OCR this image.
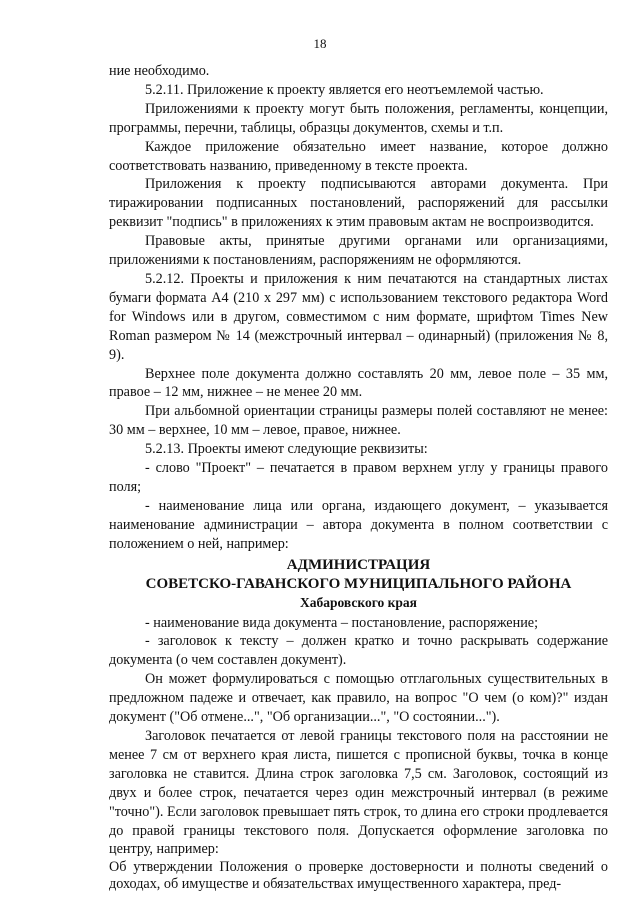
18

ние необходимо.

5.2.11. Приложение к проекту является его неотъемлемой частью.

Приложениями к проекту могут быть положения, регламенты, концепции, программы, перечни, таблицы, образцы документов, схемы и т.п.

Каждое приложение обязательно имеет название, которое должно соответствовать названию, приведенному в тексте проекта.

Приложения к проекту подписываются авторами документа. При тиражировании подписанных постановлений, распоряжений для рассылки реквизит "подпись" в приложениях к этим правовым актам не воспроизводится.

Правовые акты, принятые другими органами или организациями, приложениями к постановлениям, распоряжениям не оформляются.

5.2.12. Проекты и приложения к ним печатаются на стандартных листах бумаги формата А4 (210 х 297 мм) с использованием текстового редактора Word for Windows или в другом, совместимом с ним формате, шрифтом Times New Roman размером № 14 (межстрочный интервал – одинарный) (приложения № 8, 9).

Верхнее поле документа должно составлять 20 мм, левое поле – 35 мм, правое – 12 мм, нижнее – не менее 20 мм.

При альбомной ориентации страницы размеры полей составляют не менее: 30 мм – верхнее, 10 мм – левое, правое, нижнее.

5.2.13. Проекты имеют следующие реквизиты:

- слово "Проект" – печатается в правом верхнем углу у границы правого поля;

- наименование лица или органа, издающего документ, – указывается наименование администрации – автора документа в полном соответствии с положением о ней, например:

АДМИНИСТРАЦИЯ
СОВЕТСКО-ГАВАНСКОГО МУНИЦИПАЛЬНОГО РАЙОНА
Хабаровского края

- наименование вида документа – постановление, распоряжение;

- заголовок к тексту – должен кратко и точно раскрывать содержание документа (о чем составлен документ).

Он может формулироваться с помощью отглагольных существительных в предложном падеже и отвечает, как правило, на вопрос "О чем (о ком)?" издан документ ("Об отмене...", "Об организации...", "О состоянии...").

Заголовок печатается от левой границы текстового поля на расстоянии не менее 7 см от верхнего края листа, пишется с прописной буквы, точка в конце заголовка не ставится. Длина строк заголовка 7,5 см. Заголовок, состоящий из двух и более строк, печатается через один межстрочный интервал (в режиме "точно"). Если заголовок превышает пять строк, то длина его строки продлевается до правой границы текстового поля. Допускается оформление заголовка по центру, например:

Об утверждении Положения о проверке достоверности и полноты сведений о доходах, об имуществе и обязательствах имущественного характера, пред-
